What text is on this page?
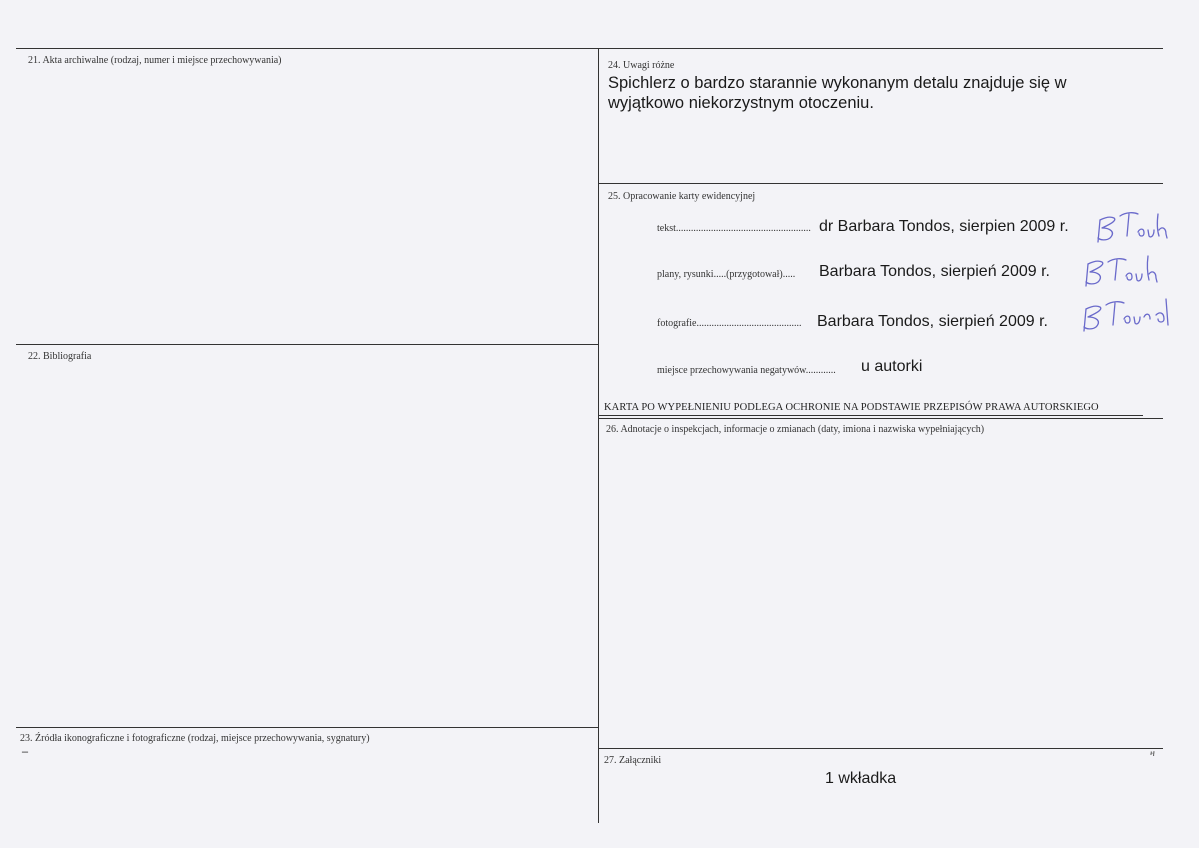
21. Akta archiwalne (rodzaj, numer i miejsce przechowywania)
22. Bibliografia
23. Źródła ikonograficzne i fotograficzne (rodzaj, miejsce przechowywania, sygnatury)
–
24. Uwagi różne
Spichlerz o bardzo starannie wykonanym detalu znajduje się w
wyjątkowo niekorzystnym otoczeniu.
25. Opracowanie karty ewidencyjnej
tekst...................................................... dr Barbara Tondos, sierpien 2009 r.
plany, rysunki.....(przygotował)..... Barbara Tondos, sierpień 2009 r.
fotografie.......................................... Barbara Tondos, sierpień 2009 r.
miejsce przechowywania negatywów............ u autorki
KARTA PO WYPEŁNIENIU PODLEGA OCHRONIE NA PODSTAWIE PRZEPISÓW PRAWA AUTORSKIEGO
26. Adnotacje o inspekcjach, informacje o zmianach (daty, imiona i nazwiska wypełniających)
27. Załączniki
1 wkładka
ዛ
